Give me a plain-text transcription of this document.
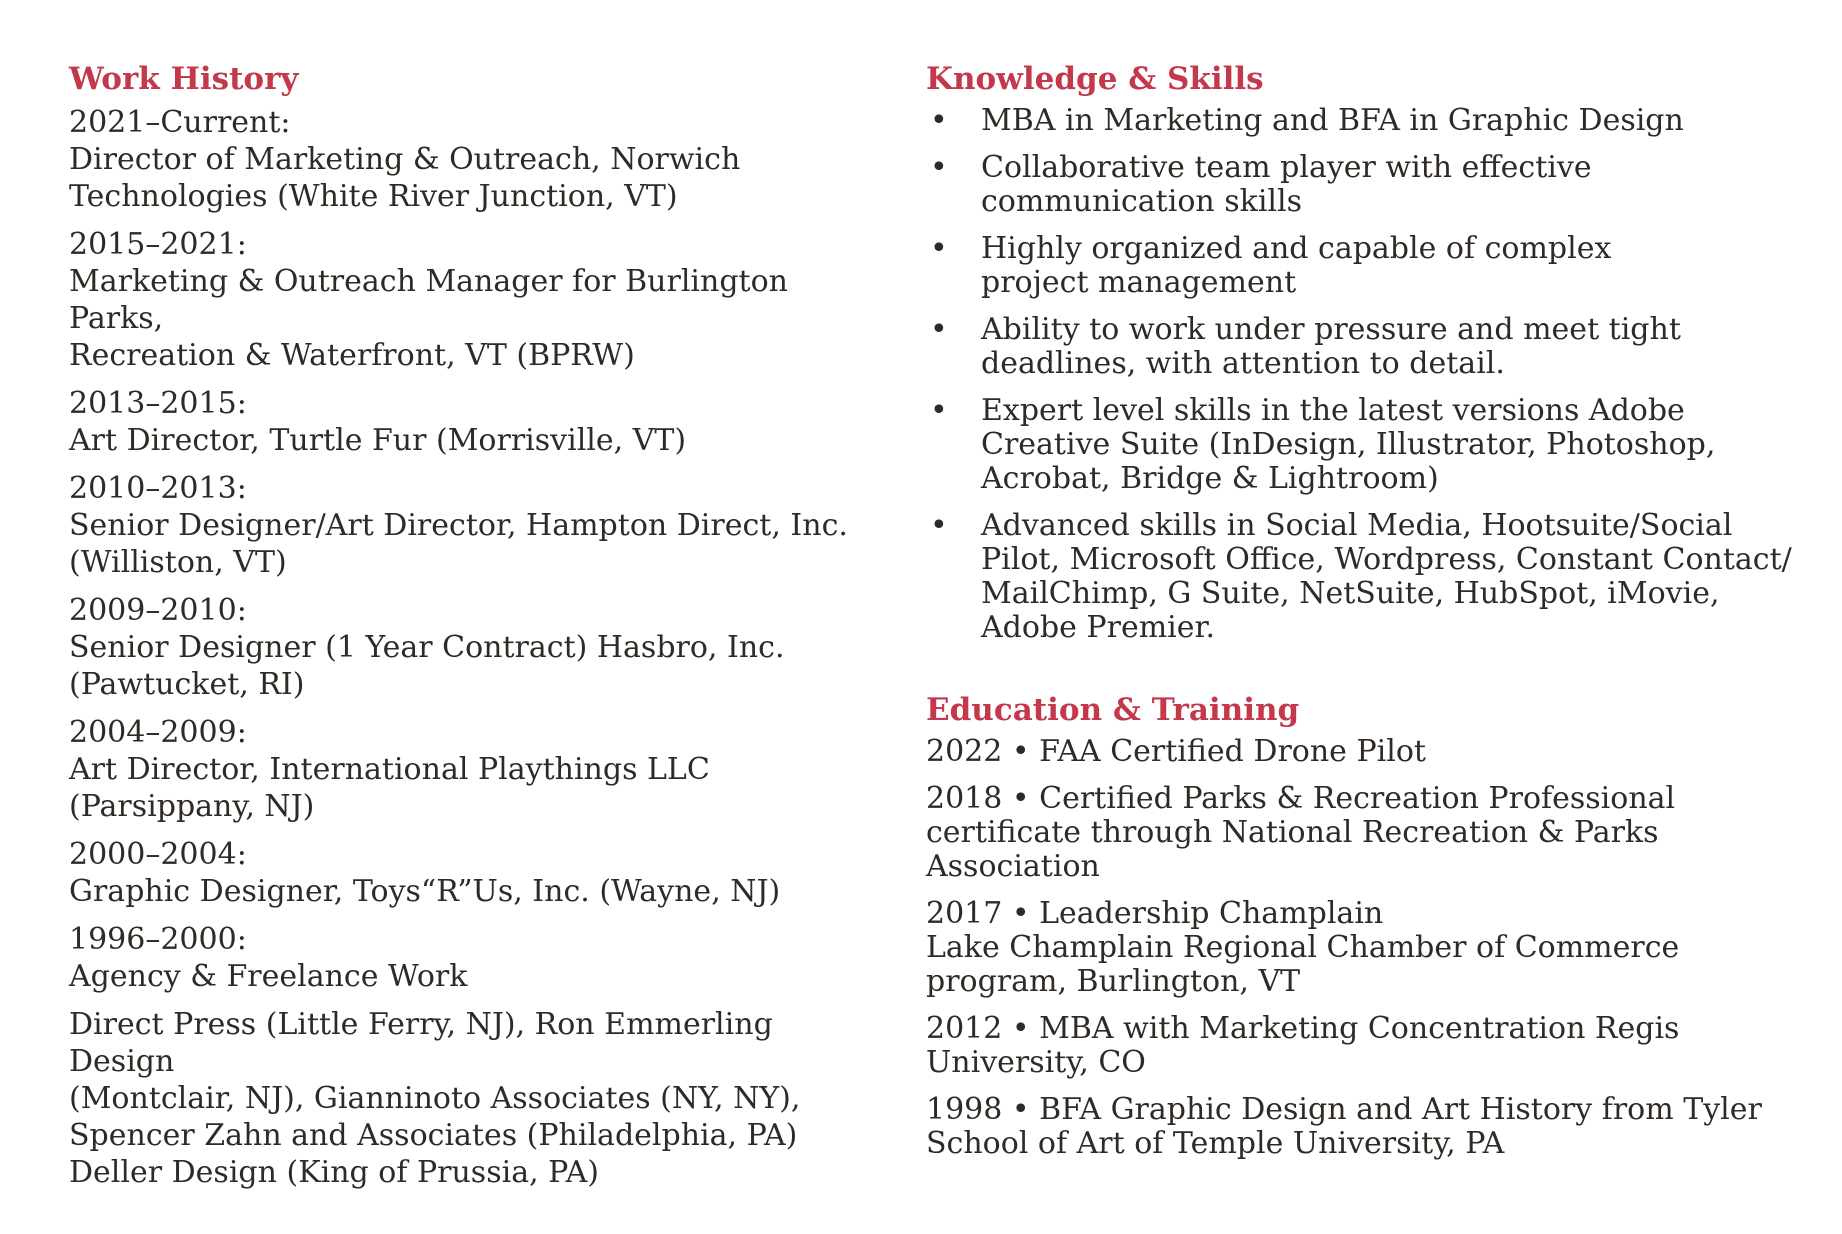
Work History
2021–Current:
Director of Marketing & Outreach, Norwich
Technologies (White River Junction, VT)
2015–2021:
Marketing & Outreach Manager for Burlington Parks,
Recreation & Waterfront, VT (BPRW)
2013–2015:
Art Director, Turtle Fur (Morrisville, VT)
2010–2013:
Senior Designer/Art Director, Hampton Direct, Inc.
(Williston, VT)
2009–2010:
Senior Designer (1 Year Contract) Hasbro, Inc.
(Pawtucket, RI)
2004–2009:
Art Director, International Playthings LLC
(Parsippany, NJ)
2000–2004:
Graphic Designer, Toys“R”Us, Inc. (Wayne, NJ)
1996–2000:
Agency & Freelance Work
Direct Press (Little Ferry, NJ), Ron Emmerling Design
(Montclair, NJ), Gianninoto Associates (NY, NY),
Spencer Zahn and Associates (Philadelphia, PA)
Deller Design (King of Prussia, PA)
Knowledge & Skills
• MBA in Marketing and BFA in Graphic Design
• Collaborative team player with effective
communication skills
• Highly organized and capable of complex
project management
• Ability to work under pressure and meet tight
deadlines, with attention to detail.
• Expert level skills in the latest versions Adobe
Creative Suite (InDesign, Illustrator, Photoshop,
Acrobat, Bridge & Lightroom)
• Advanced skills in Social Media, Hootsuite/Social
Pilot, Microsoft Office, Wordpress, Constant Contact/
MailChimp, G Suite, NetSuite, HubSpot, iMovie,
Adobe Premier.
Education & Training
2022 • FAA Certified Drone Pilot
2018 • Certified Parks & Recreation Professional
certificate through National Recreation & Parks
Association
2017 • Leadership Champlain
Lake Champlain Regional Chamber of Commerce
program, Burlington, VT
2012 • MBA with Marketing Concentration Regis
University, CO
1998 • BFA Graphic Design and Art History from Tyler
School of Art of Temple University, PA
